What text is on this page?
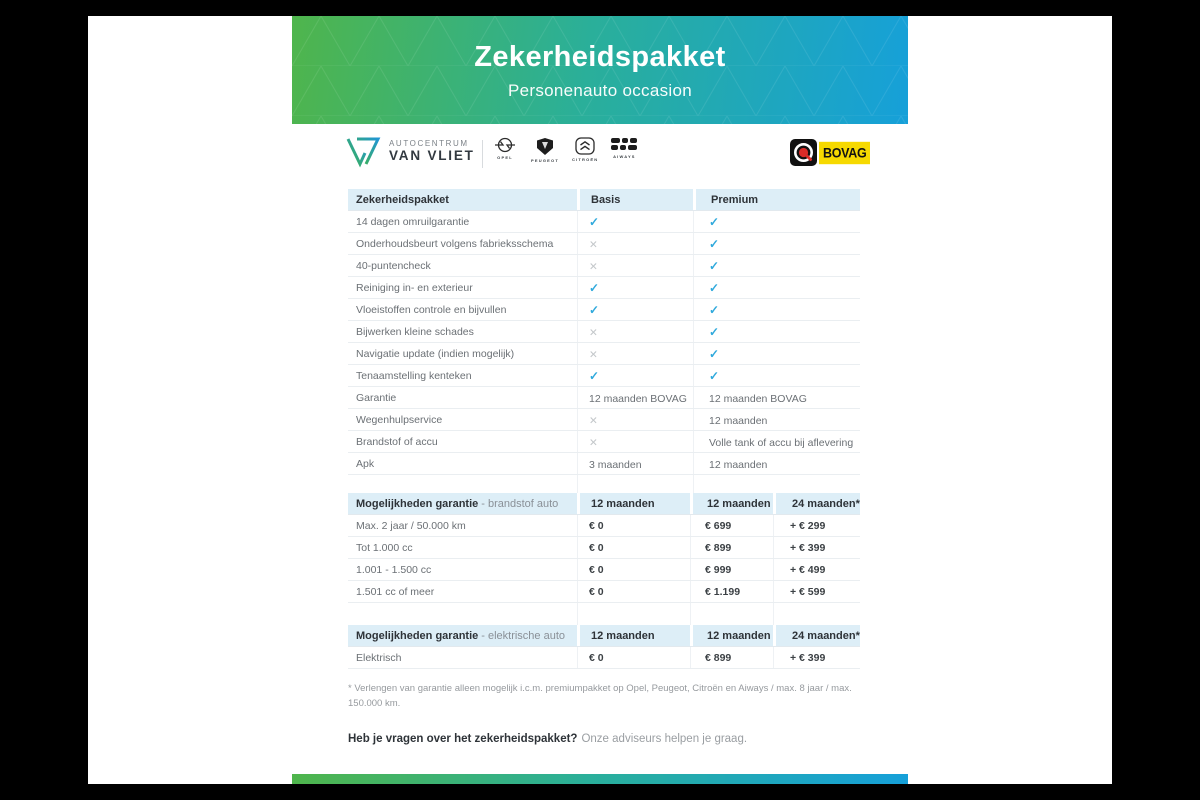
Zekerheidspakket
Personenauto occasion
AUTOCENTRUM
VAN VLIET	OPEL
PEUGEOT	CITROËN
AIWAYS	BOVAG
Zekerheidspakket	Basis	Premium
14 dagen omruilgarantie	✓	✓
Onderhoudsbeurt volgens fabrieksschema	✕	✓
40-puntencheck	✕	✓
Reiniging in- en exterieur	✓	✓
Vloeistoffen controle en bijvullen	✓	✓
Bijwerken kleine schades	✕	✓
Navigatie update (indien mogelijk)	✕	✓
Tenaamstelling kenteken	✓	✓
Garantie	12 maanden BOVAG	12 maanden BOVAG
Wegenhulpservice	✕	12 maanden
Brandstof of accu	✕	Volle tank of accu bij aflevering
Apk	3 maanden	12 maanden
Mogelijkheden garantie - brandstof auto	12 maanden	12 maanden	24 maanden*
Max. 2 jaar / 50.000 km	€ 0	€ 699	+ € 299
Tot 1.000 cc	€ 0	€ 899	+ € 399
1.001 - 1.500 cc	€ 0	€ 999	+ € 499
1.501 cc of meer	€ 0	€ 1.199	+ € 599
Mogelijkheden garantie - elektrische auto	12 maanden	12 maanden	24 maanden*
Elektrisch	€ 0	€ 899	+ € 399
* Verlengen van garantie alleen mogelijk i.c.m. premiumpakket op Opel, Peugeot, Citroën en Aiways / max. 8 jaar / max. 150.000 km.
Heb je vragen over het zekerheidspakket? Onze adviseurs helpen je graag.
